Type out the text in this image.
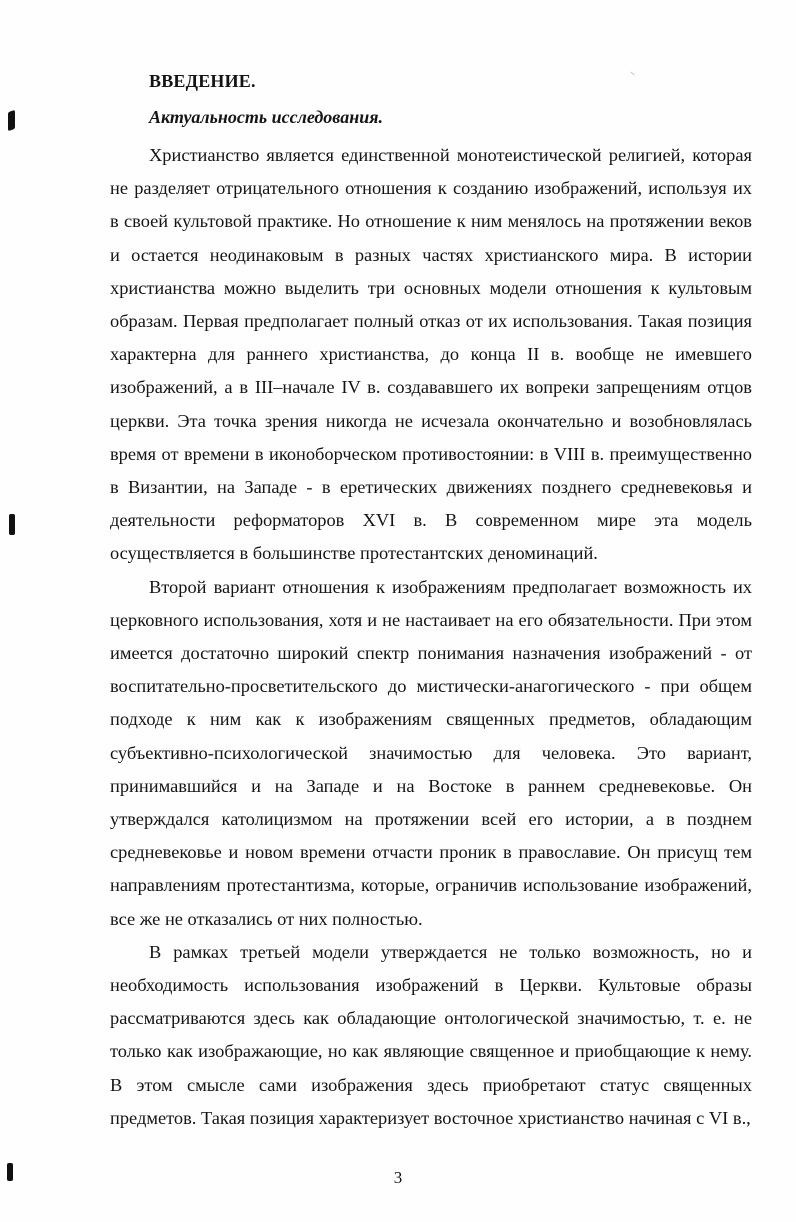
ВВЕДЕНИЕ.
Актуальность исследования.

Христианство является единственной монотеистической религией, которая не разделяет отрицательного отношения к созданию изображений, используя их в своей культовой практике. Но отношение к ним менялось на протяжении веков и остается неодинаковым в разных частях христианского мира. В истории христианства можно выделить три основных модели отношения к культовым образам. Первая предполагает полный отказ от их использования. Такая позиция характерна для раннего христианства, до конца II в. вообще не имевшего изображений, а в III–начале IV в. создававшего их вопреки запрещениям отцов церкви. Эта точка зрения никогда не исчезала окончательно и возобновлялась время от времени в иконоборческом противостоянии: в VIII в. преимущественно в Византии, на Западе - в еретических движениях позднего средневековья и деятельности реформаторов XVI в. В современном мире эта модель осуществляется в большинстве протестантских деноминаций.

Второй вариант отношения к изображениям предполагает возможность их церковного использования, хотя и не настаивает на его обязательности. При этом имеется достаточно широкий спектр понимания назначения изображений - от воспитательно-просветительского до мистически-анагогического - при общем подходе к ним как к изображениям священных предметов, обладающим субъективно-психологической значимостью для человека. Это вариант, принимавшийся и на Западе и на Востоке в раннем средневековье. Он утверждался католицизмом на протяжении всей его истории, а в позднем средневековье и новом времени отчасти проник в православие. Он присущ тем направлениям протестантизма, которые, ограничив использование изображений, все же не отказались от них полностью.

В рамках третьей модели утверждается не только возможность, но и необходимость использования изображений в Церкви. Культовые образы рассматриваются здесь как обладающие онтологической значимостью, т. е. не только как изображающие, но как являющие священное и приобщающие к нему. В этом смысле сами изображения здесь приобретают статус священных предметов. Такая позиция характеризует восточное христианство начиная с VI в.,

3
